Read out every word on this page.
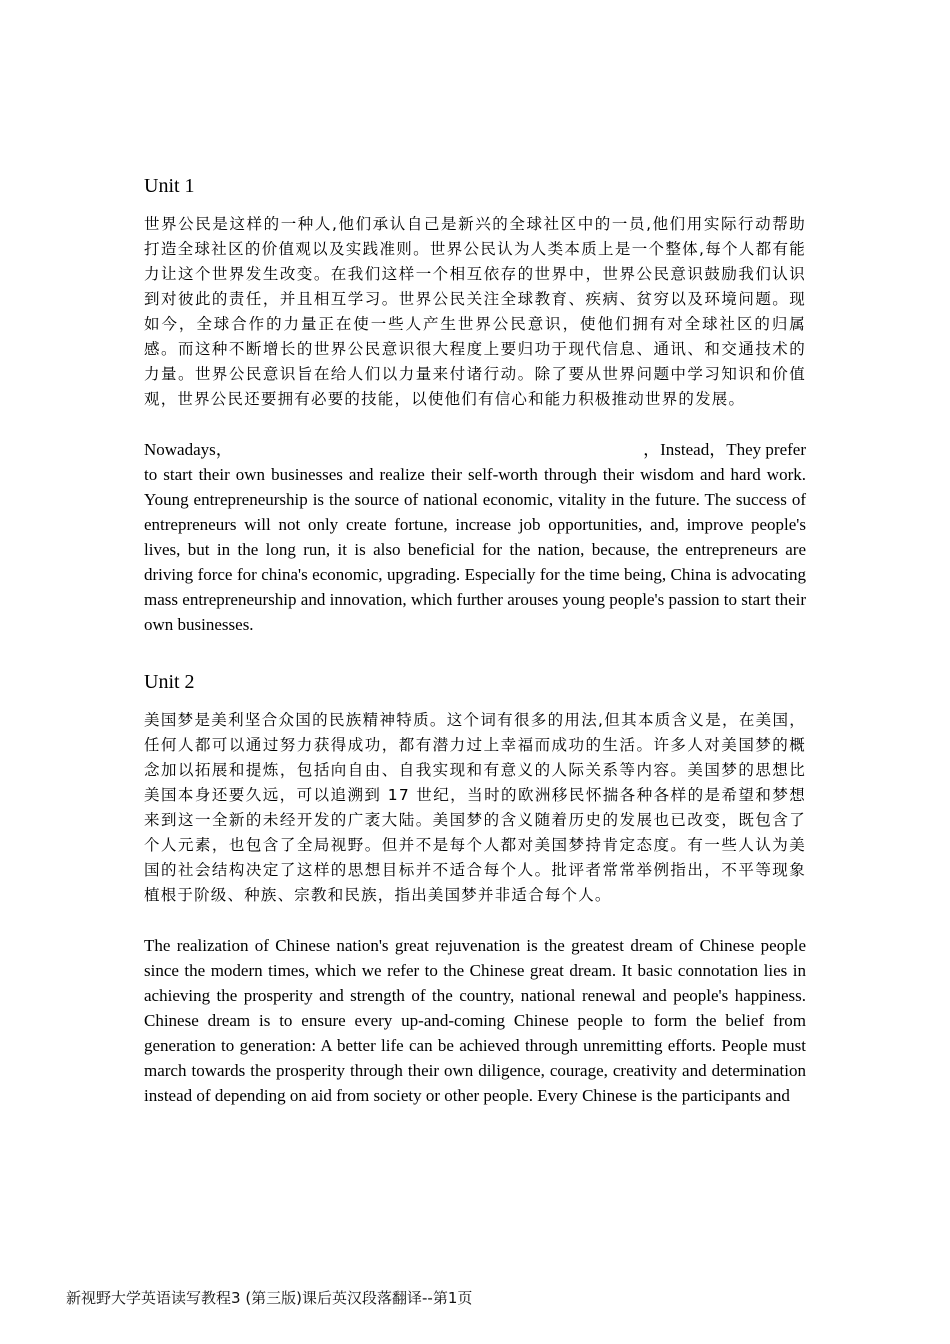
Unit 1

世界公民是这样的一种人,他们承认自己是新兴的全球社区中的一员,他们用实际行动帮助打造全球社区的价值观以及实践准则。世界公民认为人类本质上是一个整体,每个人都有能力让这个世界发生改变。在我们这样一个相互依存的世界中，世界公民意识鼓励我们认识到对彼此的责任，并且相互学习。世界公民关注全球教育、疾病、贫穷以及环境问题。现如今，全球合作的力量正在使一些人产生世界公民意识，使他们拥有对全球社区的归属感。而这种不断增长的世界公民意识很大程度上要归功于现代信息、通讯、和交通技术的力量。世界公民意识旨在给人们以力量来付诸行动。除了要从世界问题中学习知识和价值观，世界公民还要拥有必要的技能，以使他们有信心和能力积极推动世界的发展。

Nowadays，	，Instead，They prefer

to start their own businesses and realize their self-worth through their wisdom and hard work. Young entrepreneurship is the source of national economic, vitality in the future. The success of entrepreneurs will not only create fortune, increase job opportunities, and, improve people's lives, but in the long run, it is also beneficial for the nation, because, the entrepreneurs are driving force for china's economic, upgrading. Especially for the time being, China is advocating mass entrepreneurship and innovation, which further arouses young people's passion to start their own businesses.

Unit 2

美国梦是美利坚合众国的民族精神特质。这个词有很多的用法,但其本质含义是，在美国，任何人都可以通过努力获得成功，都有潜力过上幸福而成功的生活。许多人对美国梦的概念加以拓展和提炼，包括向自由、自我实现和有意义的人际关系等内容。美国梦的思想比美国本身还要久远，可以追溯到 17 世纪，当时的欧洲移民怀揣各种各样的是希望和梦想来到这一全新的未经开发的广袤大陆。美国梦的含义随着历史的发展也已改变，既包含了个人元素，也包含了全局视野。但并不是每个人都对美国梦持肯定态度。有一些人认为美国的社会结构决定了这样的思想目标并不适合每个人。批评者常常举例指出，不平等现象植根于阶级、种族、宗教和民族，指出美国梦并非适合每个人。

The realization of Chinese nation's great rejuvenation is the greatest dream of Chinese people since the modern times, which we refer to the Chinese great dream. It basic connotation lies in achieving the prosperity and strength of the country, national renewal and people's happiness. Chinese dream is to ensure every up-and-coming Chinese people to form the belief from generation to generation: A better life can be achieved through unremitting efforts. People must march towards the prosperity through their own diligence, courage, creativity and determination instead of depending on aid from society or other people. Every Chinese is the participants and

新视野大学英语读写教程3 (第三版)课后英汉段落翻译--第1页
